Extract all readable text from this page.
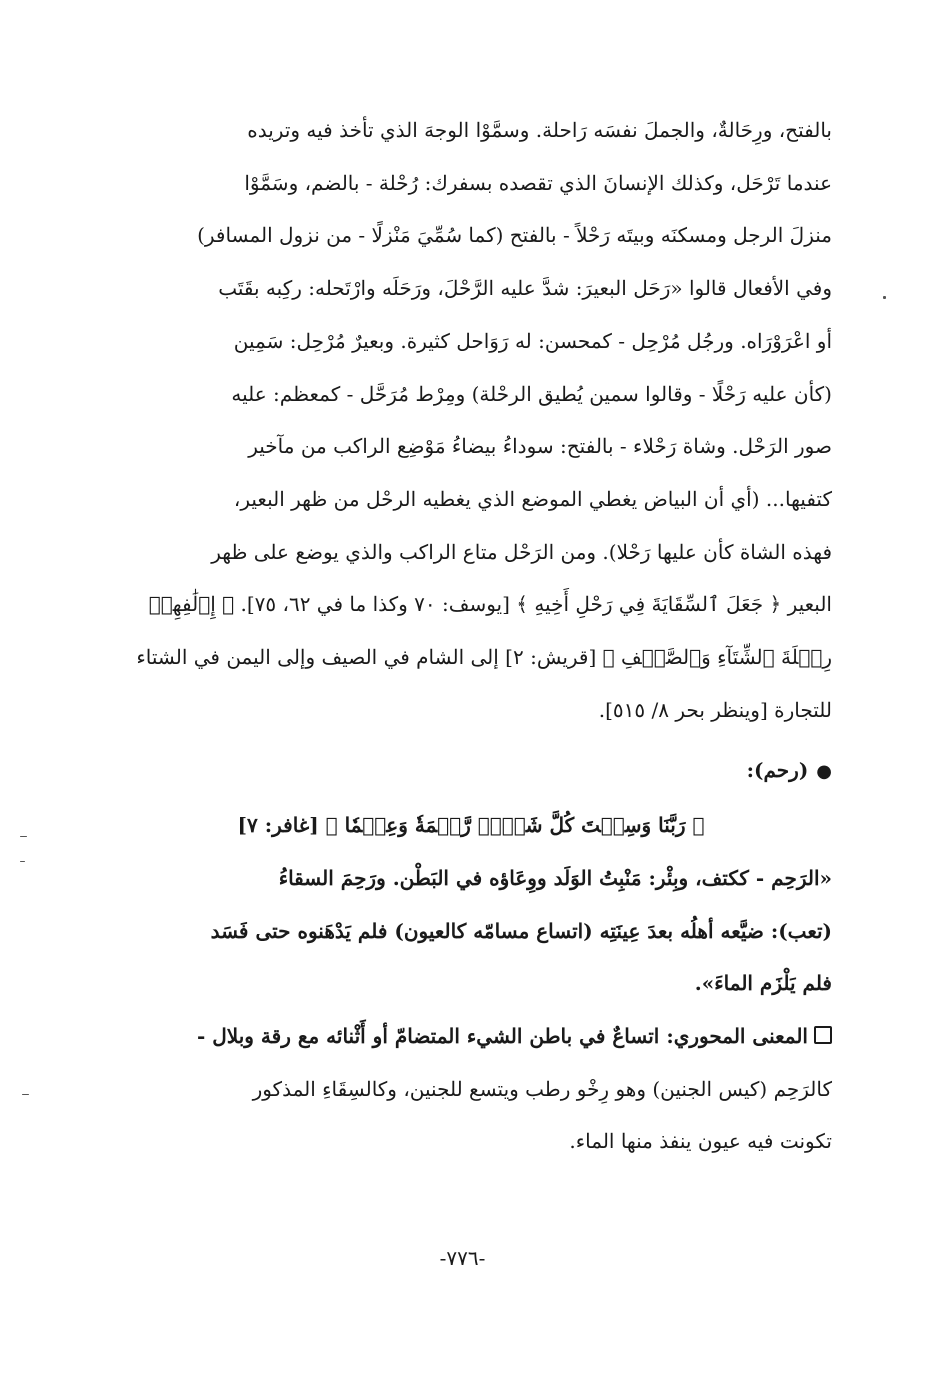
بالفتح، ورِحَالةٌ، والجملَ نفسَه رَاحلة. وسمَّوْا الوجهَ الذي تأخذ فيه وتريده

عندما تَرْحَل، وكذلك الإنسانَ الذي تقصده بسفرك: رُحْلة - بالضم، وسَمَّوْا

منزلَ الرجل ومسكنَه وبيتَه رَحْلاً - بالفتح (كما سُمِّيَ مَنْزلًا - من نزول المسافر)

وفي الأفعال قالوا «رَحَل البعيرَ: شدَّ عليه الرَّحْلَ، ورَحَلَه وارْتَحله: ركِبه بقَتَب

أو اعْرَوْرَاه. ورجُل مُرْحِل - كمحسن: له رَوَاحل كثيرة. وبعيرٌ مُرْحِل: سَمِين

(كأن عليه رَحْلًا - وقالوا سمين يُطيق الرحْلة) ومِرْط مُرَحَّل - كمعظم: عليه

صور الرَحْل. وشاة رَحْلاء - بالفتح: سوداءُ بيضاءُ مَوْضِع الراكب من مآخير

كتفيها... (أي أن البياض يغطي الموضع الذي يغطيه الرحْل من ظهر البعير،

فهذه الشاة كأن عليها رَحْلا). ومن الرَحْل متاع الراكب والذي يوضع على ظهر

البعير ﴿ جَعَلَ ٱلسِّقَايَةَ فِي رَحْلِ أَخِيهِ ﴾ [يوسف: ٧٠ وكذا ما في ٦٢، ٧٥]. ﴿ إِۦلَٰفِهِمۡ

رِحۡلَةَ ٱلشِّتَآءِ وَٱلصَّيۡفِ ﴾ [قريش: ٢] إلى الشام في الصيف وإلى اليمن في الشتاء

للتجارة [وينظر بحر ٨/ ٥١٥].

●(رحم):

﴿ رَبَّنَا وَسِعۡتَ كُلَّ شَيۡءٖ رَّحۡمَةٗ وَعِلۡمٗا ﴾ [غافر: ٧]

«الرَحِم - ككتف، وبِئْر: مَنْبِتُ الوَلَد ووِعَاؤه في البَطْن. ورَحِمَ السقاءُ

(تعب): ضيَّعه أهلُه بعدَ عِينَتِه (اتساع مسامّه كالعيون) فلم يَدْهَنوه حتى فَسَد

فلم يَلْزَم الماءَ».

المعنى المحوري: اتساعٌ في باطن الشيء المتضامّ أو أَثْنائه مع رقة وبلال -

كالرَحِم (كيس الجنين) وهو رِخْو رطب ويتسع للجنين، وكالسِقَاءِ المذكور

تكونت فيه عيون ينفذ منها الماء.

-٧٧٦-
